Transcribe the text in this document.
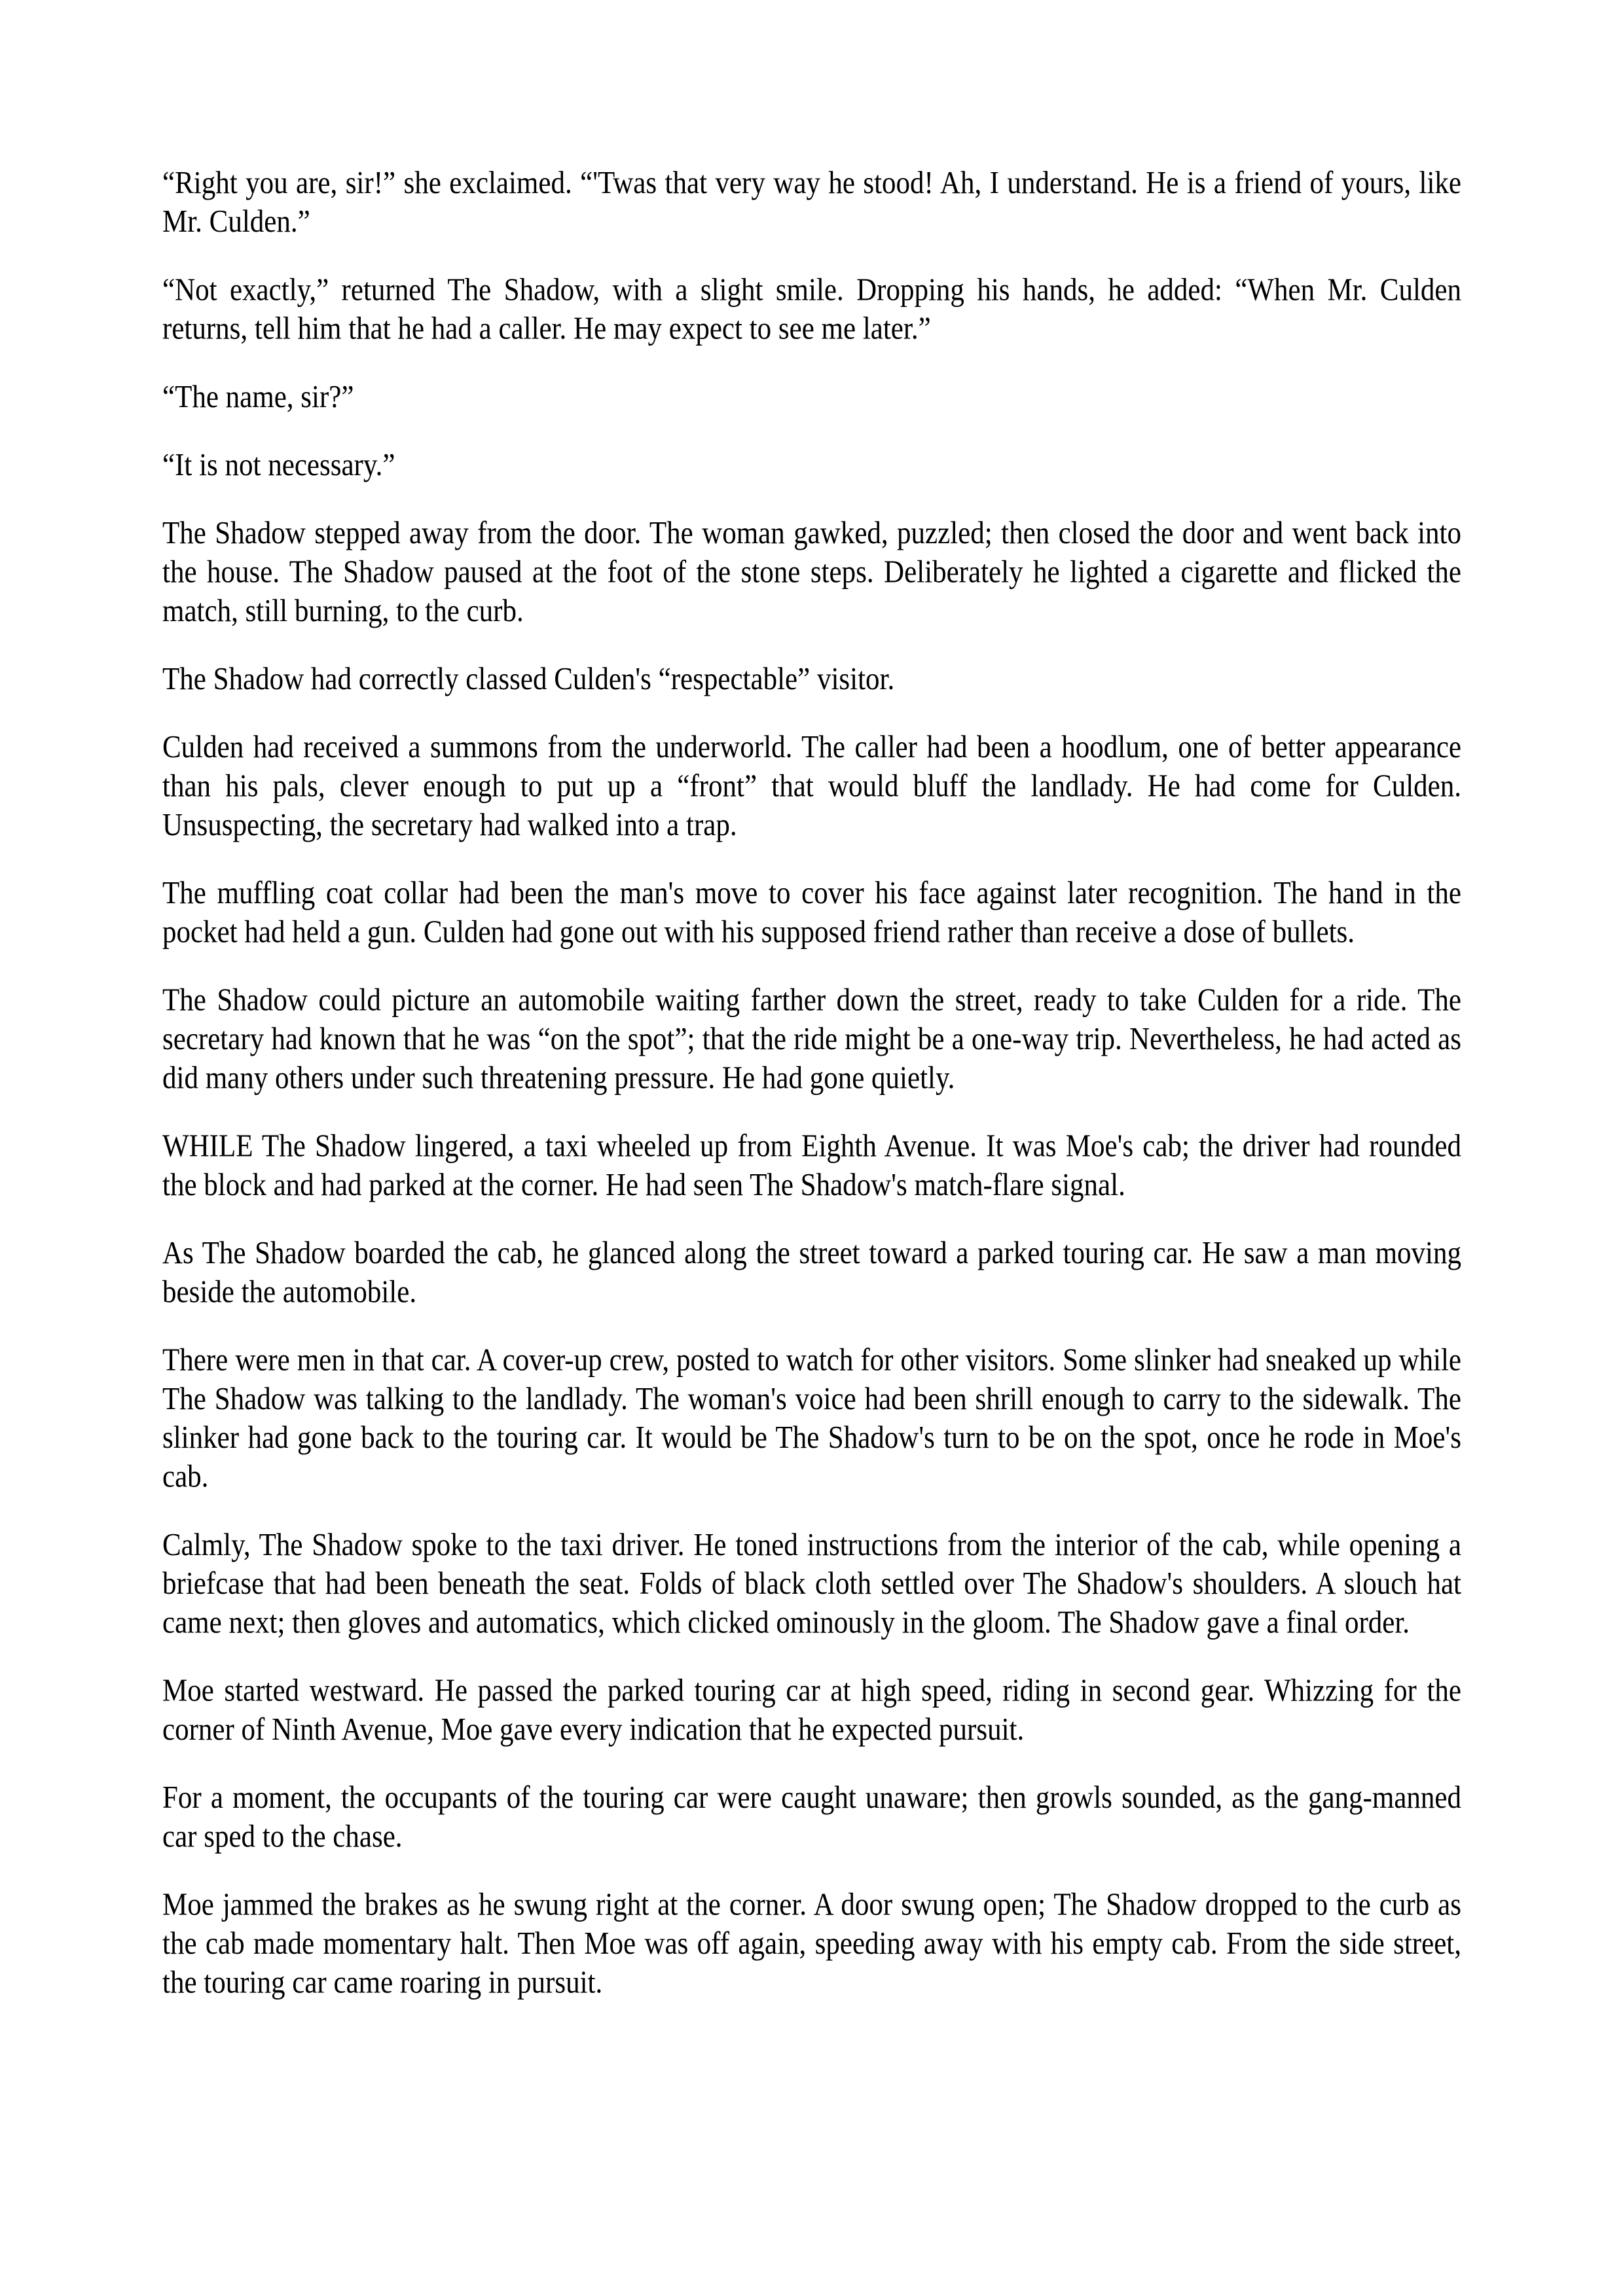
“Right you are, sir!” she exclaimed. “'Twas that very way he stood! Ah, I understand. He is a friend of yours, like Mr. Culden.”

“Not exactly,” returned The Shadow, with a slight smile. Dropping his hands, he added: “When Mr. Culden returns, tell him that he had a caller. He may expect to see me later.”

“The name, sir?”

“It is not necessary.”

The Shadow stepped away from the door. The woman gawked, puzzled; then closed the door and went back into the house. The Shadow paused at the foot of the stone steps. Deliberately he lighted a cigarette and flicked the match, still burning, to the curb.

The Shadow had correctly classed Culden's “respectable” visitor.

Culden had received a summons from the underworld. The caller had been a hoodlum, one of better appearance than his pals, clever enough to put up a “front” that would bluff the landlady. He had come for Culden. Unsuspecting, the secretary had walked into a trap.

The muffling coat collar had been the man's move to cover his face against later recognition. The hand in the pocket had held a gun. Culden had gone out with his supposed friend rather than receive a dose of bullets.

The Shadow could picture an automobile waiting farther down the street, ready to take Culden for a ride. The secretary had known that he was “on the spot”; that the ride might be a one-way trip. Nevertheless, he had acted as did many others under such threatening pressure. He had gone quietly.

WHILE The Shadow lingered, a taxi wheeled up from Eighth Avenue. It was Moe's cab; the driver had rounded the block and had parked at the corner. He had seen The Shadow's match-flare signal.

As The Shadow boarded the cab, he glanced along the street toward a parked touring car. He saw a man moving beside the automobile.

There were men in that car. A cover-up crew, posted to watch for other visitors. Some slinker had sneaked up while The Shadow was talking to the landlady. The woman's voice had been shrill enough to carry to the sidewalk. The slinker had gone back to the touring car. It would be The Shadow's turn to be on the spot, once he rode in Moe's cab.

Calmly, The Shadow spoke to the taxi driver. He toned instructions from the interior of the cab, while opening a briefcase that had been beneath the seat. Folds of black cloth settled over The Shadow's shoulders. A slouch hat came next; then gloves and automatics, which clicked ominously in the gloom. The Shadow gave a final order.

Moe started westward. He passed the parked touring car at high speed, riding in second gear. Whizzing for the corner of Ninth Avenue, Moe gave every indication that he expected pursuit.

For a moment, the occupants of the touring car were caught unaware; then growls sounded, as the gang-manned car sped to the chase.

Moe jammed the brakes as he swung right at the corner. A door swung open; The Shadow dropped to the curb as the cab made momentary halt. Then Moe was off again, speeding away with his empty cab. From the side street, the touring car came roaring in pursuit.
